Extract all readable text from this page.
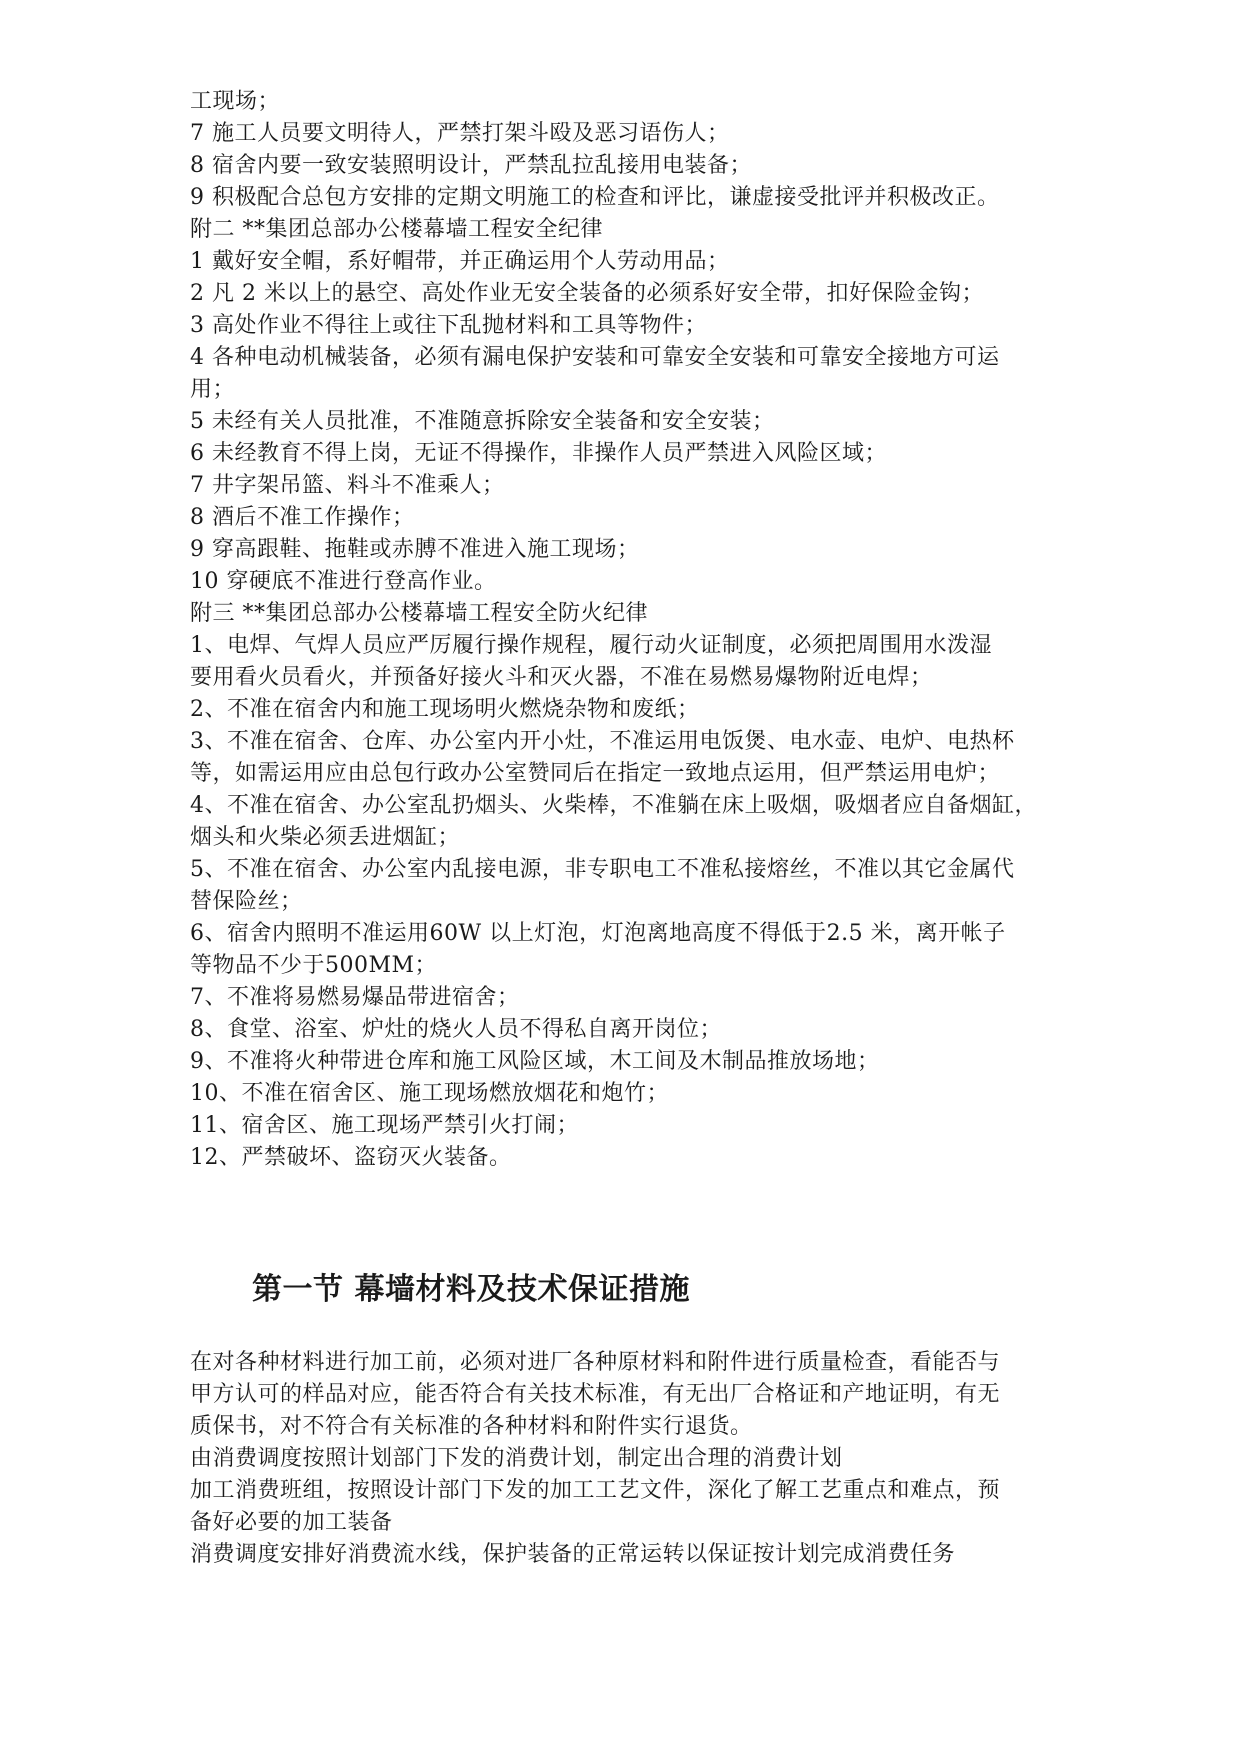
工现场；
7 施工人员要文明待人，严禁打架斗殴及恶习语伤人；
8 宿舍内要一致安装照明设计，严禁乱拉乱接用电装备；
9 积极配合总包方安排的定期文明施工的检查和评比，谦虚接受批评并积极改正。
附二 **集团总部办公楼幕墙工程安全纪律
1 戴好安全帽，系好帽带，并正确运用个人劳动用品；
2 凡 2 米以上的悬空、高处作业无安全装备的必须系好安全带，扣好保险金钩；
3 高处作业不得往上或往下乱抛材料和工具等物件；
4 各种电动机械装备，必须有漏电保护安装和可靠安全安装和可靠安全接地方可运
用；
5 未经有关人员批准，不准随意拆除安全装备和安全安装；
6 未经教育不得上岗，无证不得操作，非操作人员严禁进入风险区域；
7 井字架吊篮、料斗不准乘人；
8 酒后不准工作操作；
9 穿高跟鞋、拖鞋或赤膊不准进入施工现场；
10 穿硬底不准进行登高作业。
附三 **集团总部办公楼幕墙工程安全防火纪律
1、电焊、气焊人员应严厉履行操作规程，履行动火证制度，必须把周围用水泼湿
要用看火员看火，并预备好接火斗和灭火器，不准在易燃易爆物附近电焊；
2、不准在宿舍内和施工现场明火燃烧杂物和废纸；
3、不准在宿舍、仓库、办公室内开小灶，不准运用电饭煲、电水壶、电炉、电热杯
等，如需运用应由总包行政办公室赞同后在指定一致地点运用，但严禁运用电炉；
4、不准在宿舍、办公室乱扔烟头、火柴棒，不准躺在床上吸烟，吸烟者应自备烟缸，
烟头和火柴必须丢进烟缸；
5、不准在宿舍、办公室内乱接电源，非专职电工不准私接熔丝，不准以其它金属代
替保险丝；
6、宿舍内照明不准运用60W 以上灯泡，灯泡离地高度不得低于2.5 米，离开帐子
等物品不少于500MM；
7、不准将易燃易爆品带进宿舍；
8、食堂、浴室、炉灶的烧火人员不得私自离开岗位；
9、不准将火种带进仓库和施工风险区域，木工间及木制品推放场地；
10、不准在宿舍区、施工现场燃放烟花和炮竹；
11、宿舍区、施工现场严禁引火打闹；
12、严禁破坏、盗窃灭火装备。
第一节 幕墙材料及技术保证措施
在对各种材料进行加工前，必须对进厂各种原材料和附件进行质量检查，看能否与
甲方认可的样品对应，能否符合有关技术标准，有无出厂合格证和产地证明，有无
质保书，对不符合有关标准的各种材料和附件实行退货。
由消费调度按照计划部门下发的消费计划，制定出合理的消费计划
加工消费班组，按照设计部门下发的加工工艺文件，深化了解工艺重点和难点，预
备好必要的加工装备
消费调度安排好消费流水线，保护装备的正常运转以保证按计划完成消费任务
